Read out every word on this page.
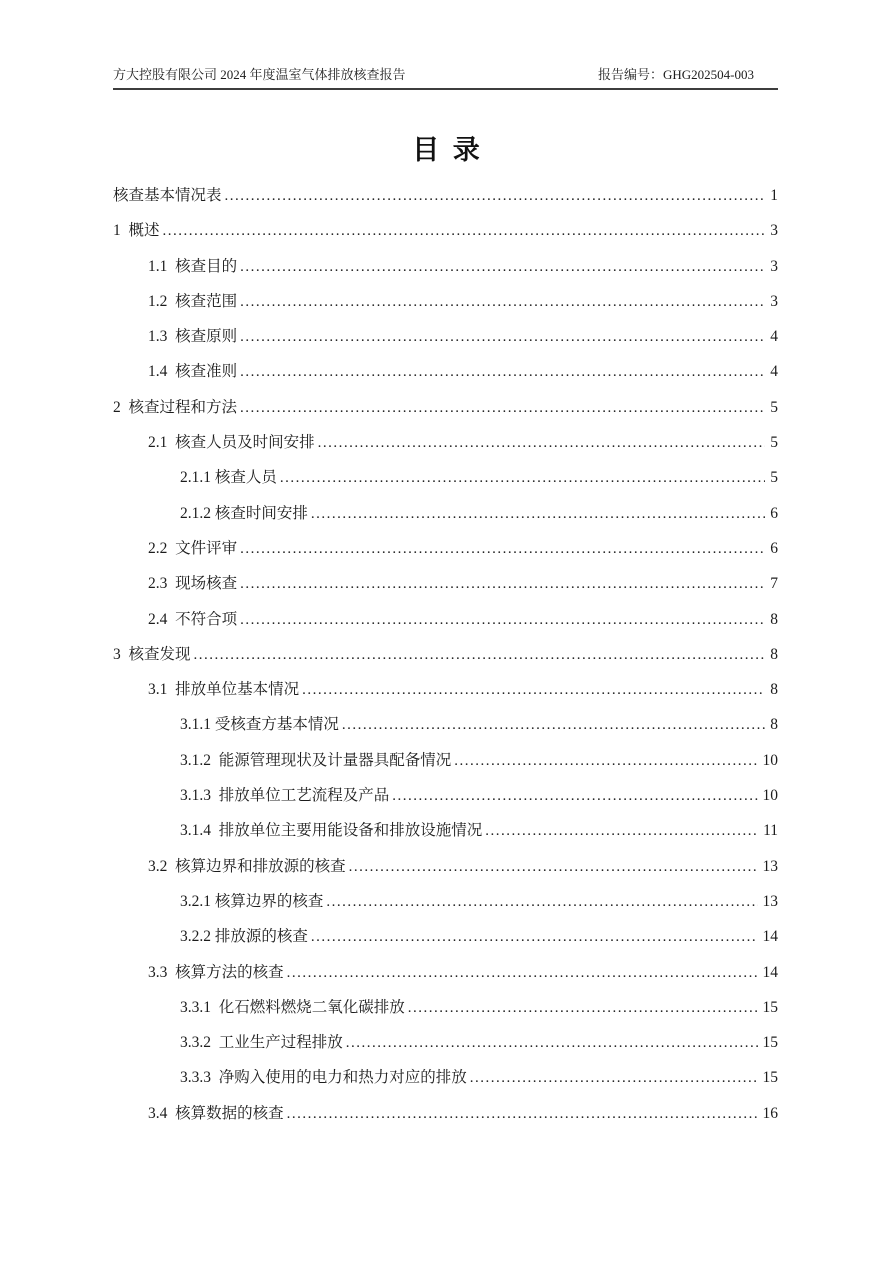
方大控股有限公司 2024 年度温室气体排放核查报告	报告编号：GHG202504-003
目  录
核查基本情况表 .....	1
1  概述 .....	3
1.1  核查目的 .....	3
1.2  核查范围 .....	3
1.3  核查原则 .....	4
1.4  核查准则 .....	4
2  核查过程和方法 .....	5
2.1  核查人员及时间安排 .....	5
2.1.1 核查人员 .....	5
2.1.2 核查时间安排 .....	6
2.2  文件评审 .....	6
2.3  现场核查 .....	7
2.4  不符合项 .....	8
3  核查发现 .....	8
3.1  排放单位基本情况 .....	8
3.1.1 受核查方基本情况 .....	8
3.1.2  能源管理现状及计量器具配备情况 .....	10
3.1.3  排放单位工艺流程及产品 .....	10
3.1.4  排放单位主要用能设备和排放设施情况 .....	11
3.2  核算边界和排放源的核查 .....	13
3.2.1 核算边界的核查 .....	13
3.2.2 排放源的核查 .....	14
3.3  核算方法的核查 .....	14
3.3.1  化石燃料燃烧二氧化碳排放 .....	15
3.3.2  工业生产过程排放 .....	15
3.3.3  净购入使用的电力和热力对应的排放 .....	15
3.4  核算数据的核查 .....	16
